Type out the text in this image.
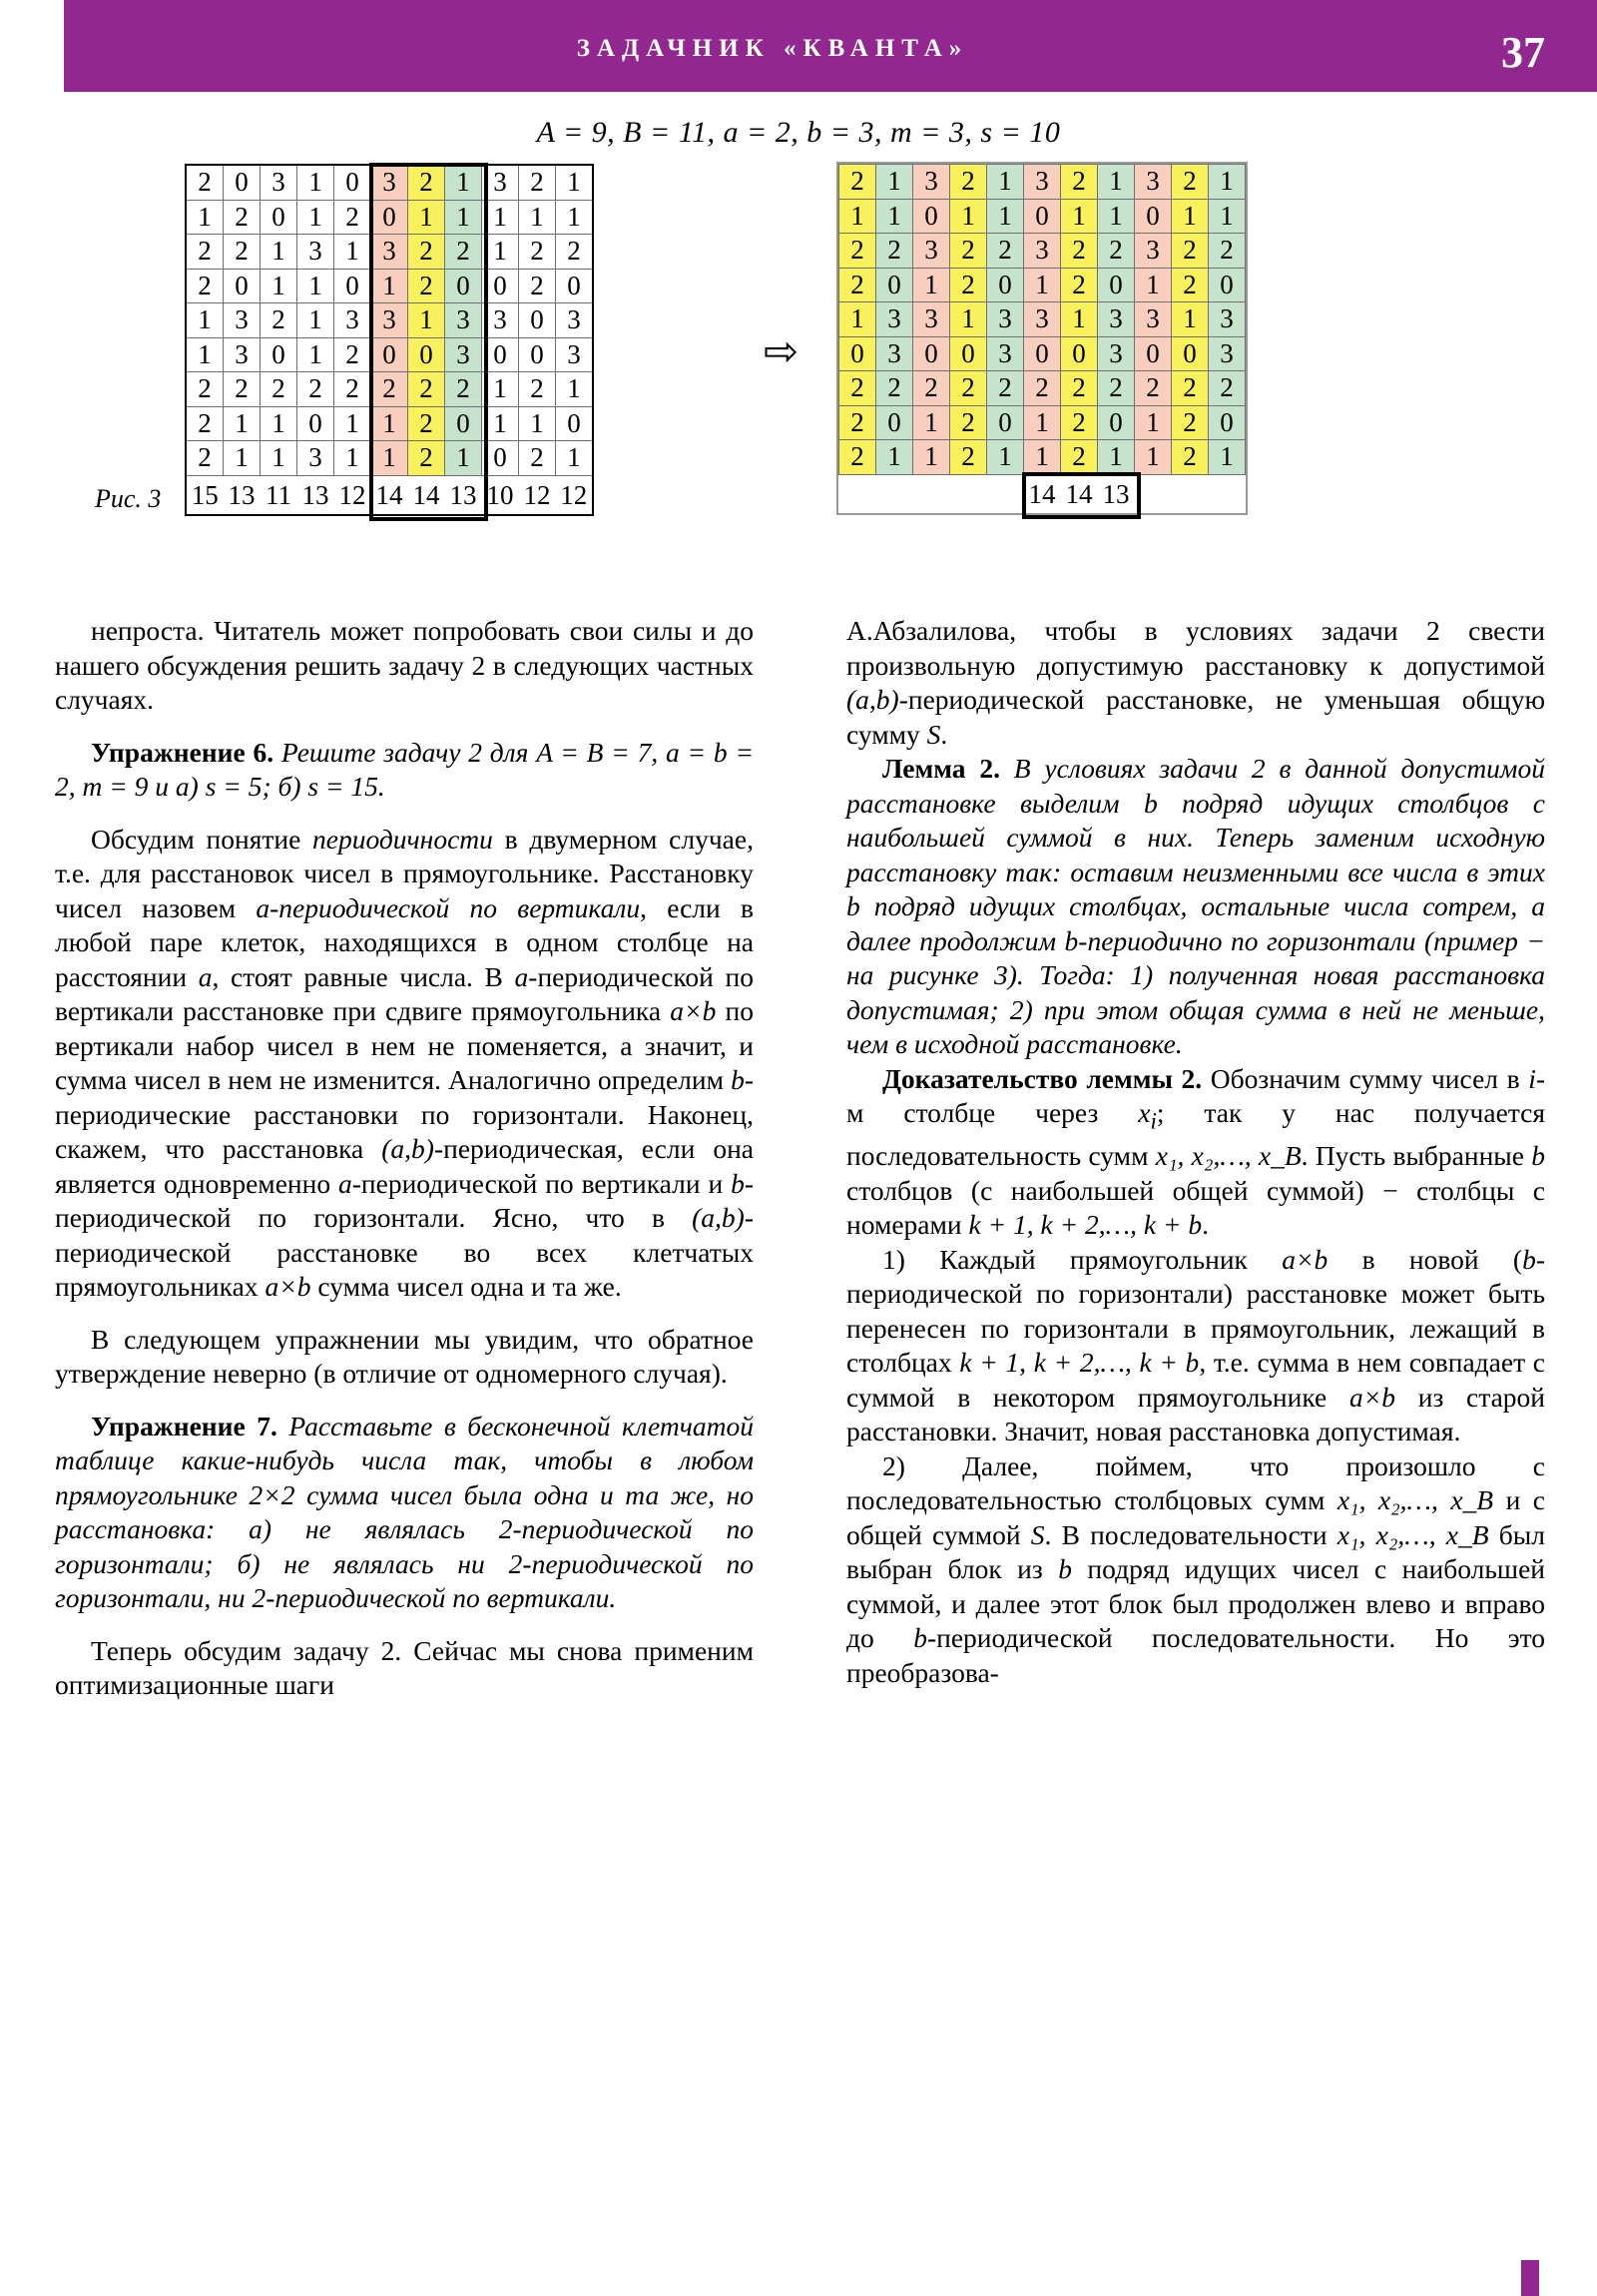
ЗАДАЧНИК «КВАНТА»	37
A = 9, B = 11, a = 2, b = 3, m = 3, s = 10
2	0	3	1	0	3	2	1	3	2	1
1	2	0	1	2	0	1	1	1	1	1
2	2	1	3	1	3	2	2	1	2	2
2	0	1	1	0	1	2	0	0	2	0
1	3	2	1	3	3	1	3	3	0	3
1	3	0	1	2	0	0	3	0	0	3
2	2	2	2	2	2	2	2	1	2	1
2	1	1	0	1	1	2	0	1	1	0
2	1	1	3	1	1	2	1	0	2	1
15	13	11	13	12	14	14	13	10	12	12
⇨
2	1	3	2	1	3	2	1	3	2	1
1	1	0	1	1	0	1	1	0	1	1
2	2	3	2	2	3	2	2	3	2	2
2	0	1	2	0	1	2	0	1	2	0
1	3	3	1	3	3	1	3	3	1	3
0	3	0	0	3	0	0	3	0	0	3
2	2	2	2	2	2	2	2	2	2	2
2	0	1	2	0	1	2	0	1	2	0
2	1	1	2	1	1	2	1	1	2	1
					14	14	13			
Рис. 3

непроста. Читатель может попробовать свои силы и до нашего обсуждения решить задачу 2 в следующих частных случаях.

Упражнение 6. Решите задачу 2 для A = B = 7, a = b = 2, m = 9 и а) s = 5; б) s = 15.

Обсудим понятие периодичности в двумерном случае, т.е. для расстановок чисел в прямоугольнике. Расстановку чисел назовем a-периодической по вертикали, если в любой паре клеток, находящихся в одном столбце на расстоянии a, стоят равные числа. В a-периодической по вертикали расстановке при сдвиге прямоугольника a×b по вертикали набор чисел в нем не поменяется, а значит, и сумма чисел в нем не изменится. Аналогично определим b-периодические расстановки по горизонтали. Наконец, скажем, что расстановка (a,b)-периодическая, если она является одновременно a-периодической по вертикали и b-периодической по горизонтали. Ясно, что в (a,b)-периодической расстановке во всех клетчатых прямоугольниках a×b сумма чисел одна и та же.

В следующем упражнении мы увидим, что обратное утверждение неверно (в отличие от одномерного случая).

Упражнение 7. Расставьте в бесконечной клетчатой таблице какие-нибудь числа так, чтобы в любом прямоугольнике 2×2 сумма чисел была одна и та же, но расстановка: а) не являлась 2-периодической по горизонтали; б) не являлась ни 2-периодической по горизонтали, ни 2-периодической по вертикали.

Теперь обсудим задачу 2. Сейчас мы снова применим оптимизационные шаги

А.Абзалилова, чтобы в условиях задачи 2 свести произвольную допустимую расстановку к допустимой (a,b)-периодической расстановке, не уменьшая общую сумму S.

Лемма 2. В условиях задачи 2 в данной допустимой расстановке выделим b подряд идущих столбцов с наибольшей суммой в них. Теперь заменим исходную расстановку так: оставим неизменными все числа в этих b подряд идущих столбцах, остальные числа сотрем, а далее продолжим b-периодично по горизонтали (пример − на рисунке 3). Тогда: 1) полученная новая расстановка допустимая; 2) при этом общая сумма в ней не меньше, чем в исходной расстановке.

Доказательство леммы 2. Обозначим сумму чисел в i-м столбце через $x_i$; так у нас получается последовательность сумм x₁, x₂,…, x_B. Пусть выбранные b столбцов (с наибольшей общей суммой) − столбцы с номерами k + 1, k + 2,…, k + b.

1) Каждый прямоугольник a×b в новой (b-периодической по горизонтали) расстановке может быть перенесен по горизонтали в прямоугольник, лежащий в столбцах k + 1, k + 2,…, k + b, т.е. сумма в нем совпадает с суммой в некотором прямоугольнике a×b из старой расстановки. Значит, новая расстановка допустимая.

2) Далее, поймем, что произошло с последовательностью столбцовых сумм x₁, x₂,…, x_B и с общей суммой S. В последовательности x₁, x₂,…, x_B был выбран блок из b подряд идущих чисел с наибольшей суммой, и далее этот блок был продолжен влево и вправо до b-периодической последовательности. Но это преобразова-
